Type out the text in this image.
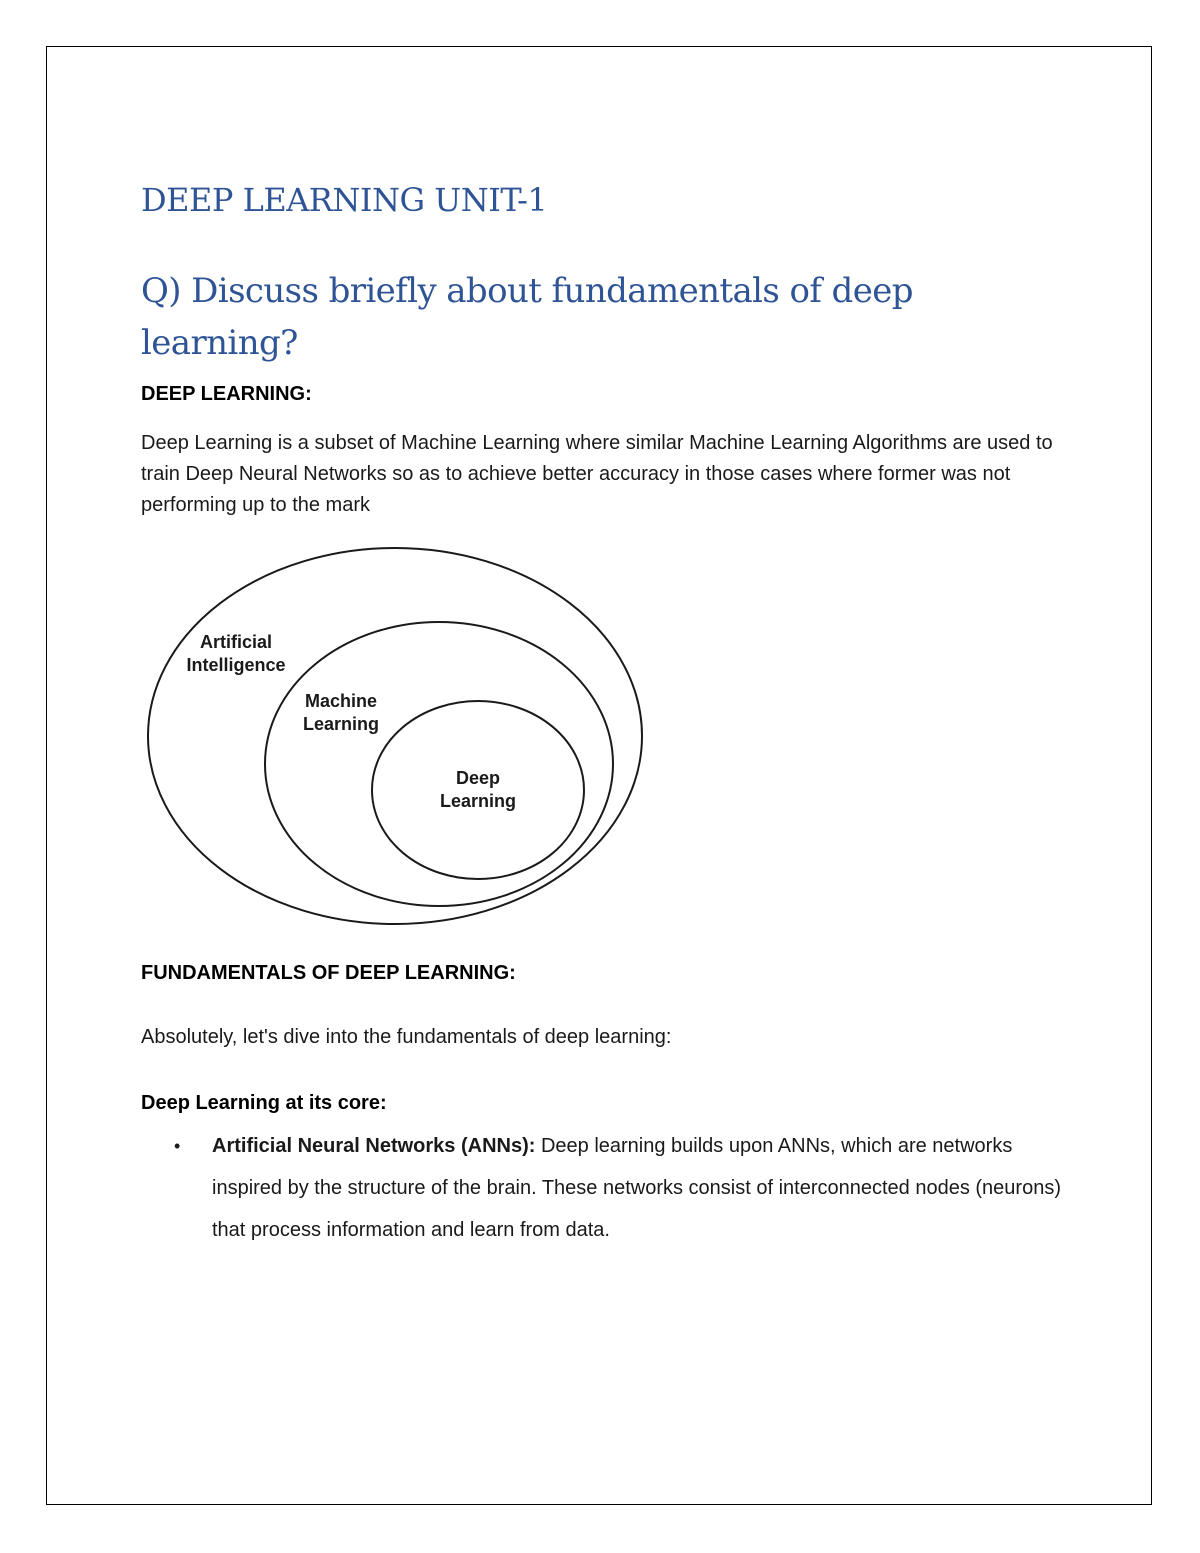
DEEP LEARNING UNIT-1
Q) Discuss briefly about fundamentals of deep learning?
DEEP LEARNING:

Deep Learning is a subset of Machine Learning where similar Machine Learning Algorithms are used to train Deep Neural Networks so as to achieve better accuracy in those cases where former was not performing up to the mark

Artificial
Intelligence
Machine
Learning
Deep
Learning
FUNDAMENTALS OF DEEP LEARNING:

Absolutely, let's dive into the fundamentals of deep learning:

Deep Learning at its core:
• Artificial Neural Networks (ANNs): Deep learning builds upon ANNs, which are networks inspired by the structure of the brain. These networks consist of interconnected nodes (neurons) that process information and learn from data.
